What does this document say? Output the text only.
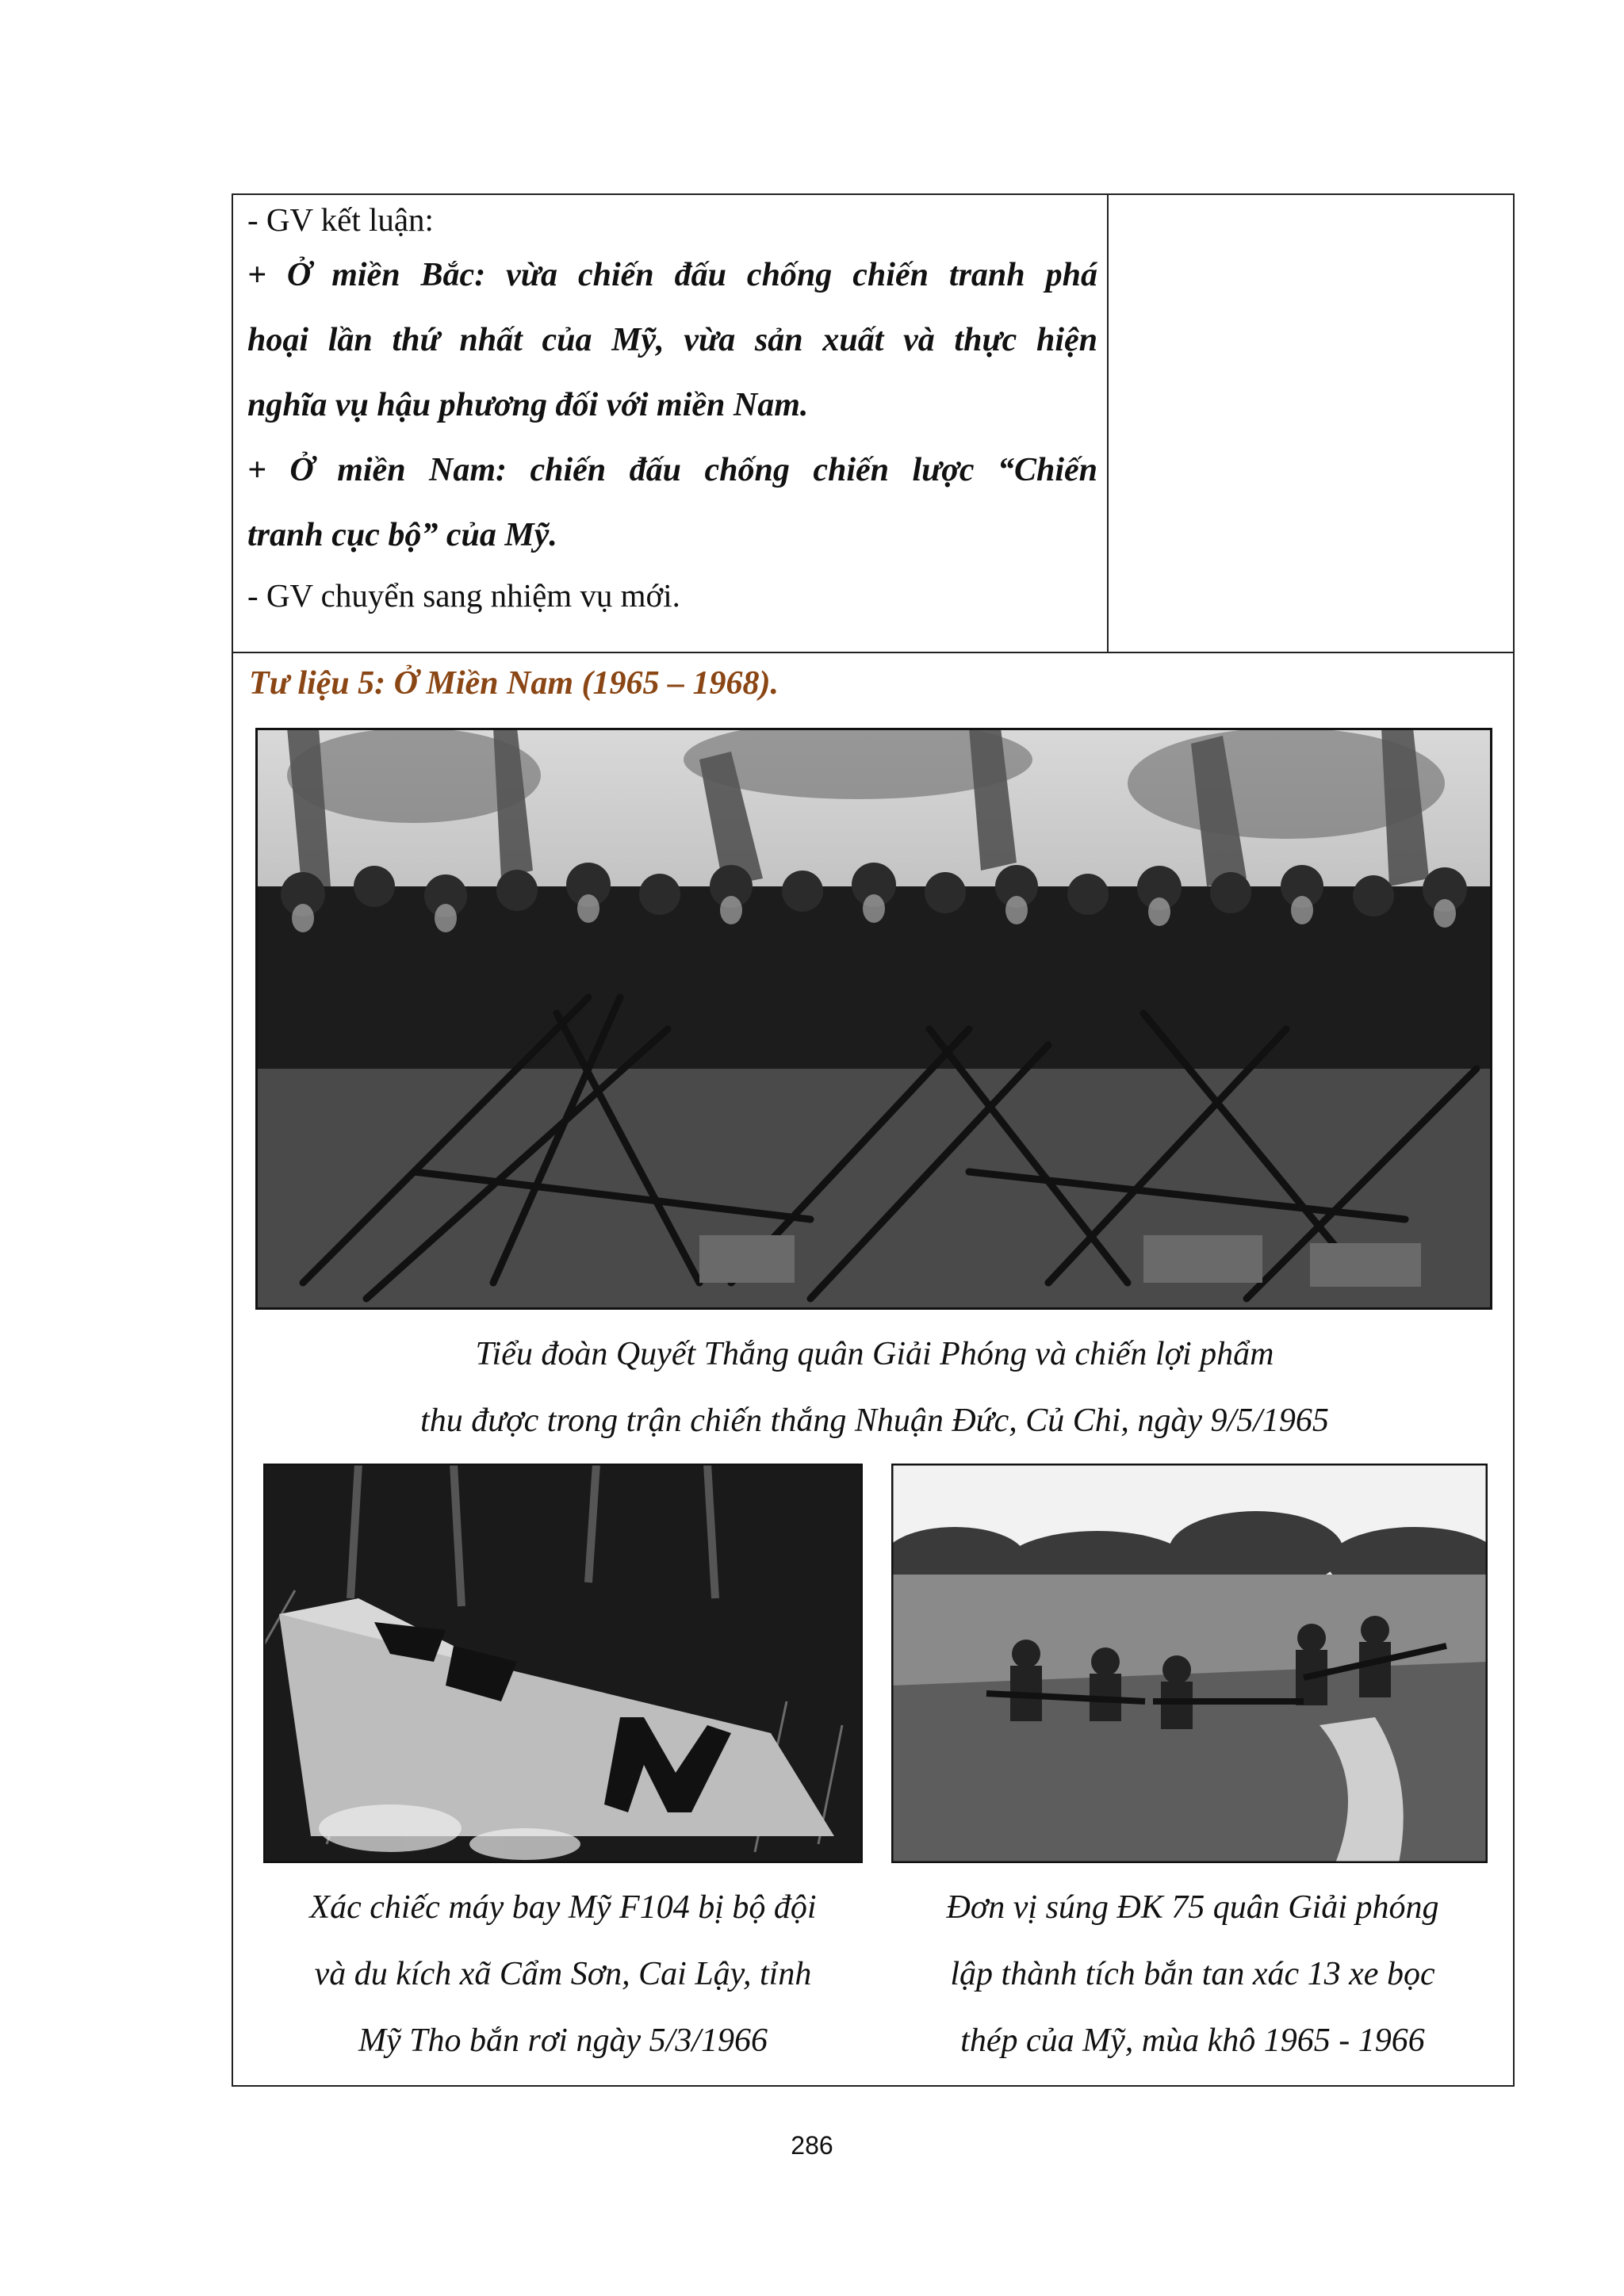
- GV kết luận:
+ Ở miền Bắc: vừa chiến đấu chống chiến tranh phá
hoại lần thứ nhất của Mỹ, vừa sản xuất và thực hiện
nghĩa vụ hậu phương đối với miền Nam.
+ Ở miền Nam: chiến đấu chống chiến lược “Chiến
tranh cục bộ” của Mỹ.
- GV chuyển sang nhiệm vụ mới.
Tư liệu 5: Ở Miền Nam (1965 – 1968).
Tiểu đoàn Quyết Thắng quân Giải Phóng và chiến lợi phẩm
thu được trong trận chiến thắng Nhuận Đức, Củ Chi, ngày 9/5/1965
Xác chiếc máy bay Mỹ F104 bị bộ đội
và du kích xã Cẩm Sơn, Cai Lậy, tỉnh
Mỹ Tho bắn rơi ngày 5/3/1966
Đơn vị súng ĐK 75 quân Giải phóng
lập thành tích bắn tan xác 13 xe bọc
thép của Mỹ, mùa khô 1965 - 1966
286
